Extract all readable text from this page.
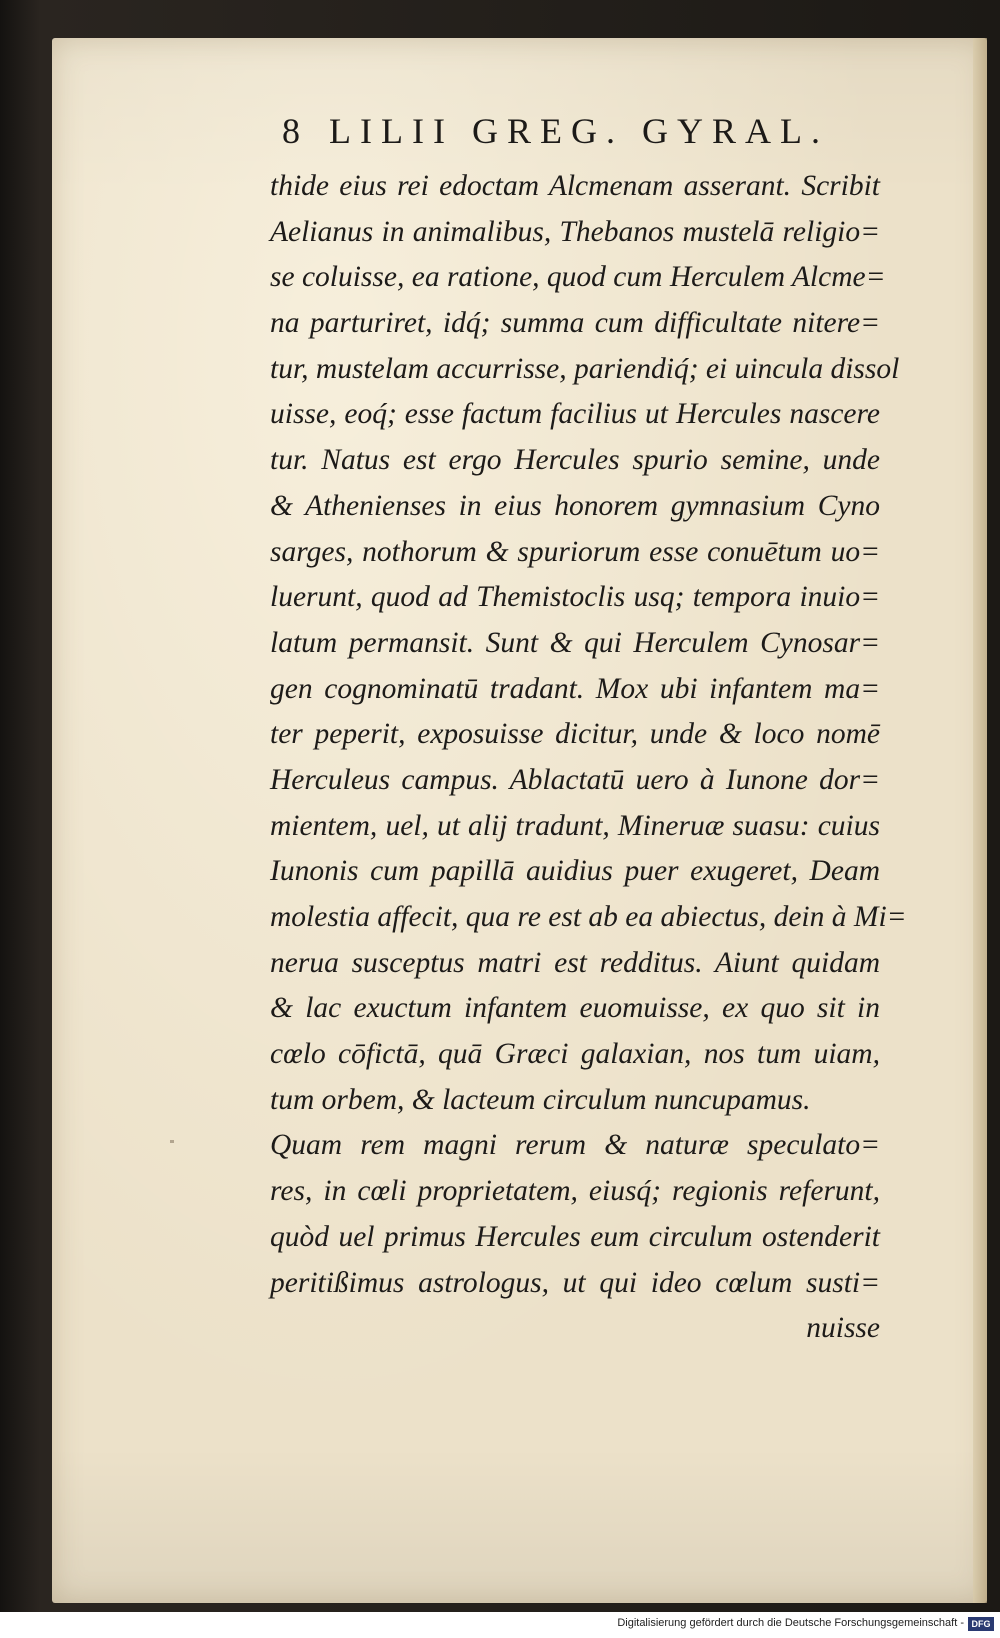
8 LILII GREG. GYRAL.
thide eius rei edoctam Alcmenam asserant. Scribit
Aelianus in animalibus, Thebanos mustelā religio=
se coluisse, ea ratione, quod cum Herculem Alcme=
na parturiret, idq́; summa cum difficultate nitere=
tur, mustelam accurrisse, pariendiq́; ei uincula dissol
uisse, eoq́; esse factum facilius ut Hercules nascere
tur. Natus est ergo Hercules spurio semine, unde
& Athenienses in eius honorem gymnasium Cyno
sarges, nothorum & spuriorum esse conuētum uo=
luerunt, quod ad Themistoclis usq; tempora inuio=
latum permansit. Sunt & qui Herculem Cynosar=
gen cognominatū tradant. Mox ubi infantem ma=
ter peperit, exposuisse dicitur, unde & loco nomē
Herculeus campus. Ablactatū uero à Iunone dor=
mientem, uel, ut alij tradunt, Mineruæ suasu: cuius
Iunonis cum papillā auidius puer exugeret, Deam
molestia affecit, qua re est ab ea abiectus, dein à Mi=
nerua susceptus matri est redditus. Aiunt quidam
& lac exuctum infantem euomuisse, ex quo sit in
cœlo cōfictā, quā Græci galaxian, nos tum uiam,
tum orbem, & lacteum circulum nuncupamus.
Quam rem magni rerum & naturæ speculato=
res, in cœli proprietatem, eiusq́; regionis referunt,
quòd uel primus Hercules eum circulum ostenderit
peritißimus astrologus, ut qui ideo cœlum susti=
nuisse
Digitalisierung gefördert durch die Deutsche Forschungsgemeinschaft - DFG
